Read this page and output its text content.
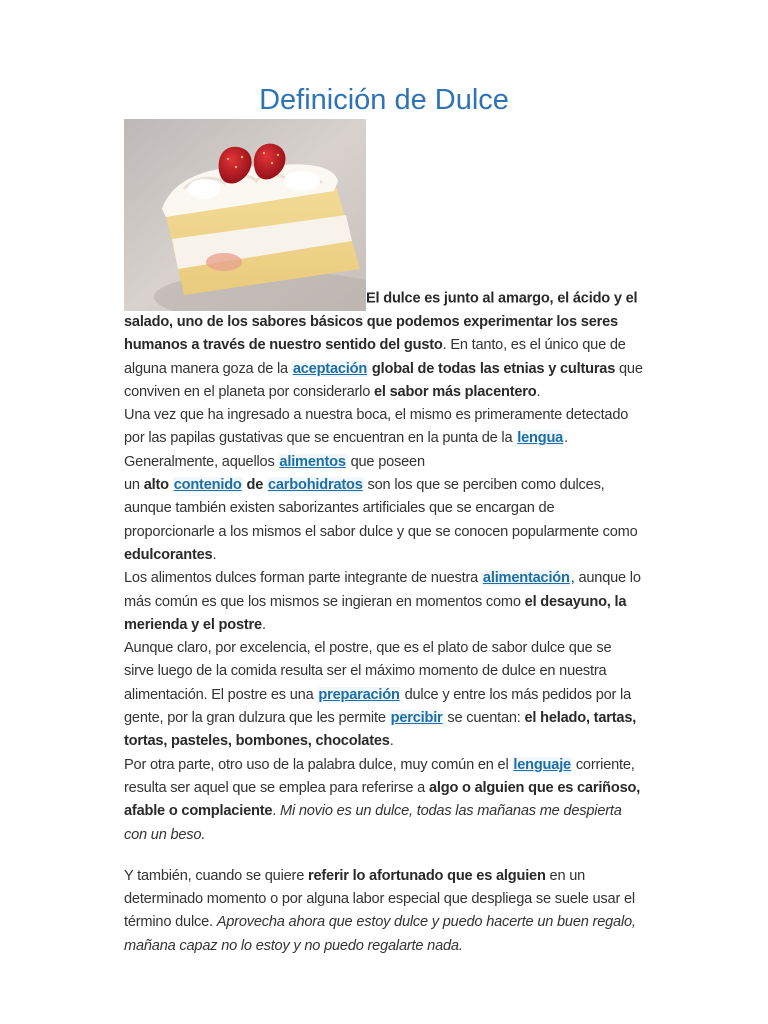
Definición de Dulce

El dulce es junto al amargo, el ácido y el salado, uno de los sabores básicos que podemos experimentar los seres humanos a través de nuestro sentido del gusto. En tanto, es el único que de alguna manera goza de la aceptación global de todas las etnias y culturas que conviven en el planeta por considerarlo el sabor más placentero.

Una vez que ha ingresado a nuestra boca, el mismo es primeramente detectado por las papilas gustativas que se encuentran en la punta de la lengua.

Generalmente, aquellos alimentos que poseen
un alto contenido de carbohidratos son los que se perciben como dulces, aunque también existen saborizantes artificiales que se encargan de proporcionarle a los mismos el sabor dulce y que se conocen popularmente como edulcorantes.

Los alimentos dulces forman parte integrante de nuestra alimentación, aunque lo más común es que los mismos se ingieran en momentos como el desayuno, la merienda y el postre.

Aunque claro, por excelencia, el postre, que es el plato de sabor dulce que se sirve luego de la comida resulta ser el máximo momento de dulce en nuestra alimentación. El postre es una preparación dulce y entre los más pedidos por la gente, por la gran dulzura que les permite percibir se cuentan: el helado, tartas, tortas, pasteles, bombones, chocolates.

Por otra parte, otro uso de la palabra dulce, muy común en el lenguaje corriente, resulta ser aquel que se emplea para referirse a algo o alguien que es cariñoso, afable o complaciente. Mi novio es un dulce, todas las mañanas me despierta con un beso.

Y también, cuando se quiere referir lo afortunado que es alguien en un determinado momento o por alguna labor especial que despliega se suele usar el término dulce. Aprovecha ahora que estoy dulce y puedo hacerte un buen regalo, mañana capaz no lo estoy y no puedo regalarte nada.
